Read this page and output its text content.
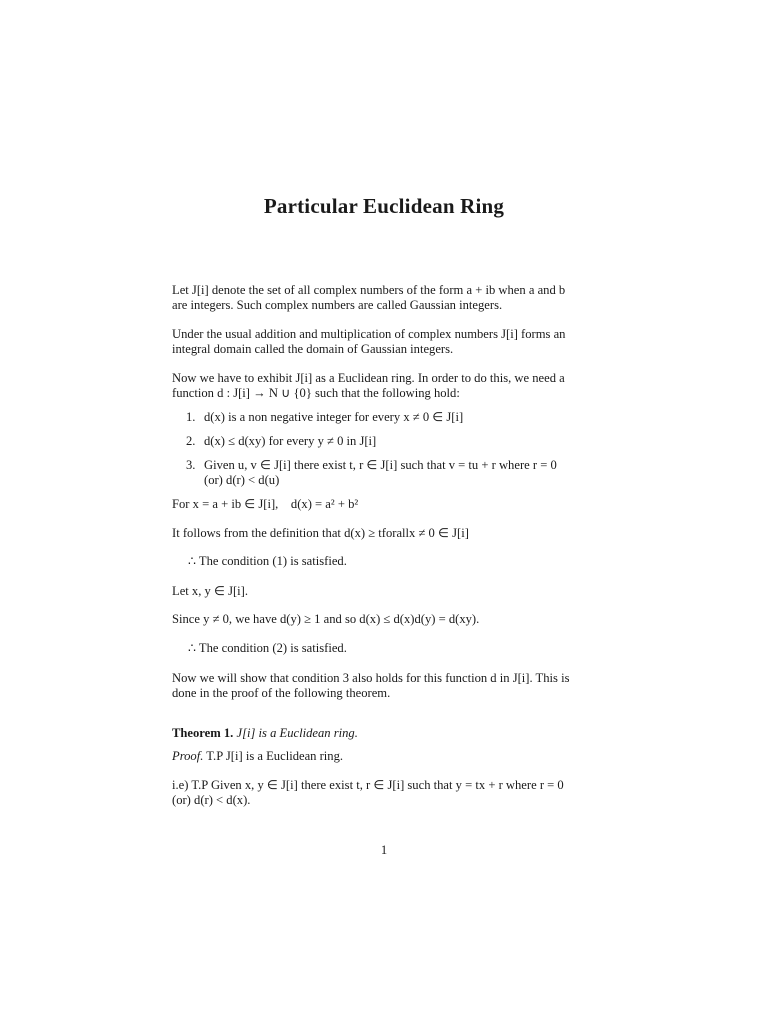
Particular Euclidean Ring
Let J[i] denote the set of all complex numbers of the form a + ib when a and b
are integers. Such complex numbers are called Gaussian integers.
Under the usual addition and multiplication of complex numbers J[i] forms an
integral domain called the domain of Gaussian integers.
Now we have to exhibit J[i] as a Euclidean ring. In order to do this, we need a
function d : J[i] → N ∪ {0} such that the following hold:
1. d(x) is a non negative integer for every x ≠ 0 ∈ J[i]
2. d(x) ≤ d(xy) for every y ≠ 0 in J[i]
3. Given u, v ∈ J[i] there exist t, r ∈ J[i] such that v = tu + r where r = 0
(or) d(r) < d(u)
For x = a + ib ∈ J[i],    d(x) = a² + b²
It follows from the definition that d(x) ≥ tforallx ≠ 0 ∈ J[i]
∴ The condition (1) is satisfied.
Let x, y ∈ J[i].
Since y ≠ 0, we have d(y) ≥ 1 and so d(x) ≤ d(x)d(y) = d(xy).
∴ The condition (2) is satisfied.
Now we will show that condition 3 also holds for this function d in J[i]. This is
done in the proof of the following theorem.
Theorem 1. J[i] is a Euclidean ring.
Proof. T.P J[i] is a Euclidean ring.
i.e) T.P Given x, y ∈ J[i] there exist t, r ∈ J[i] such that y = tx + r where r = 0
(or) d(r) < d(x).
1
